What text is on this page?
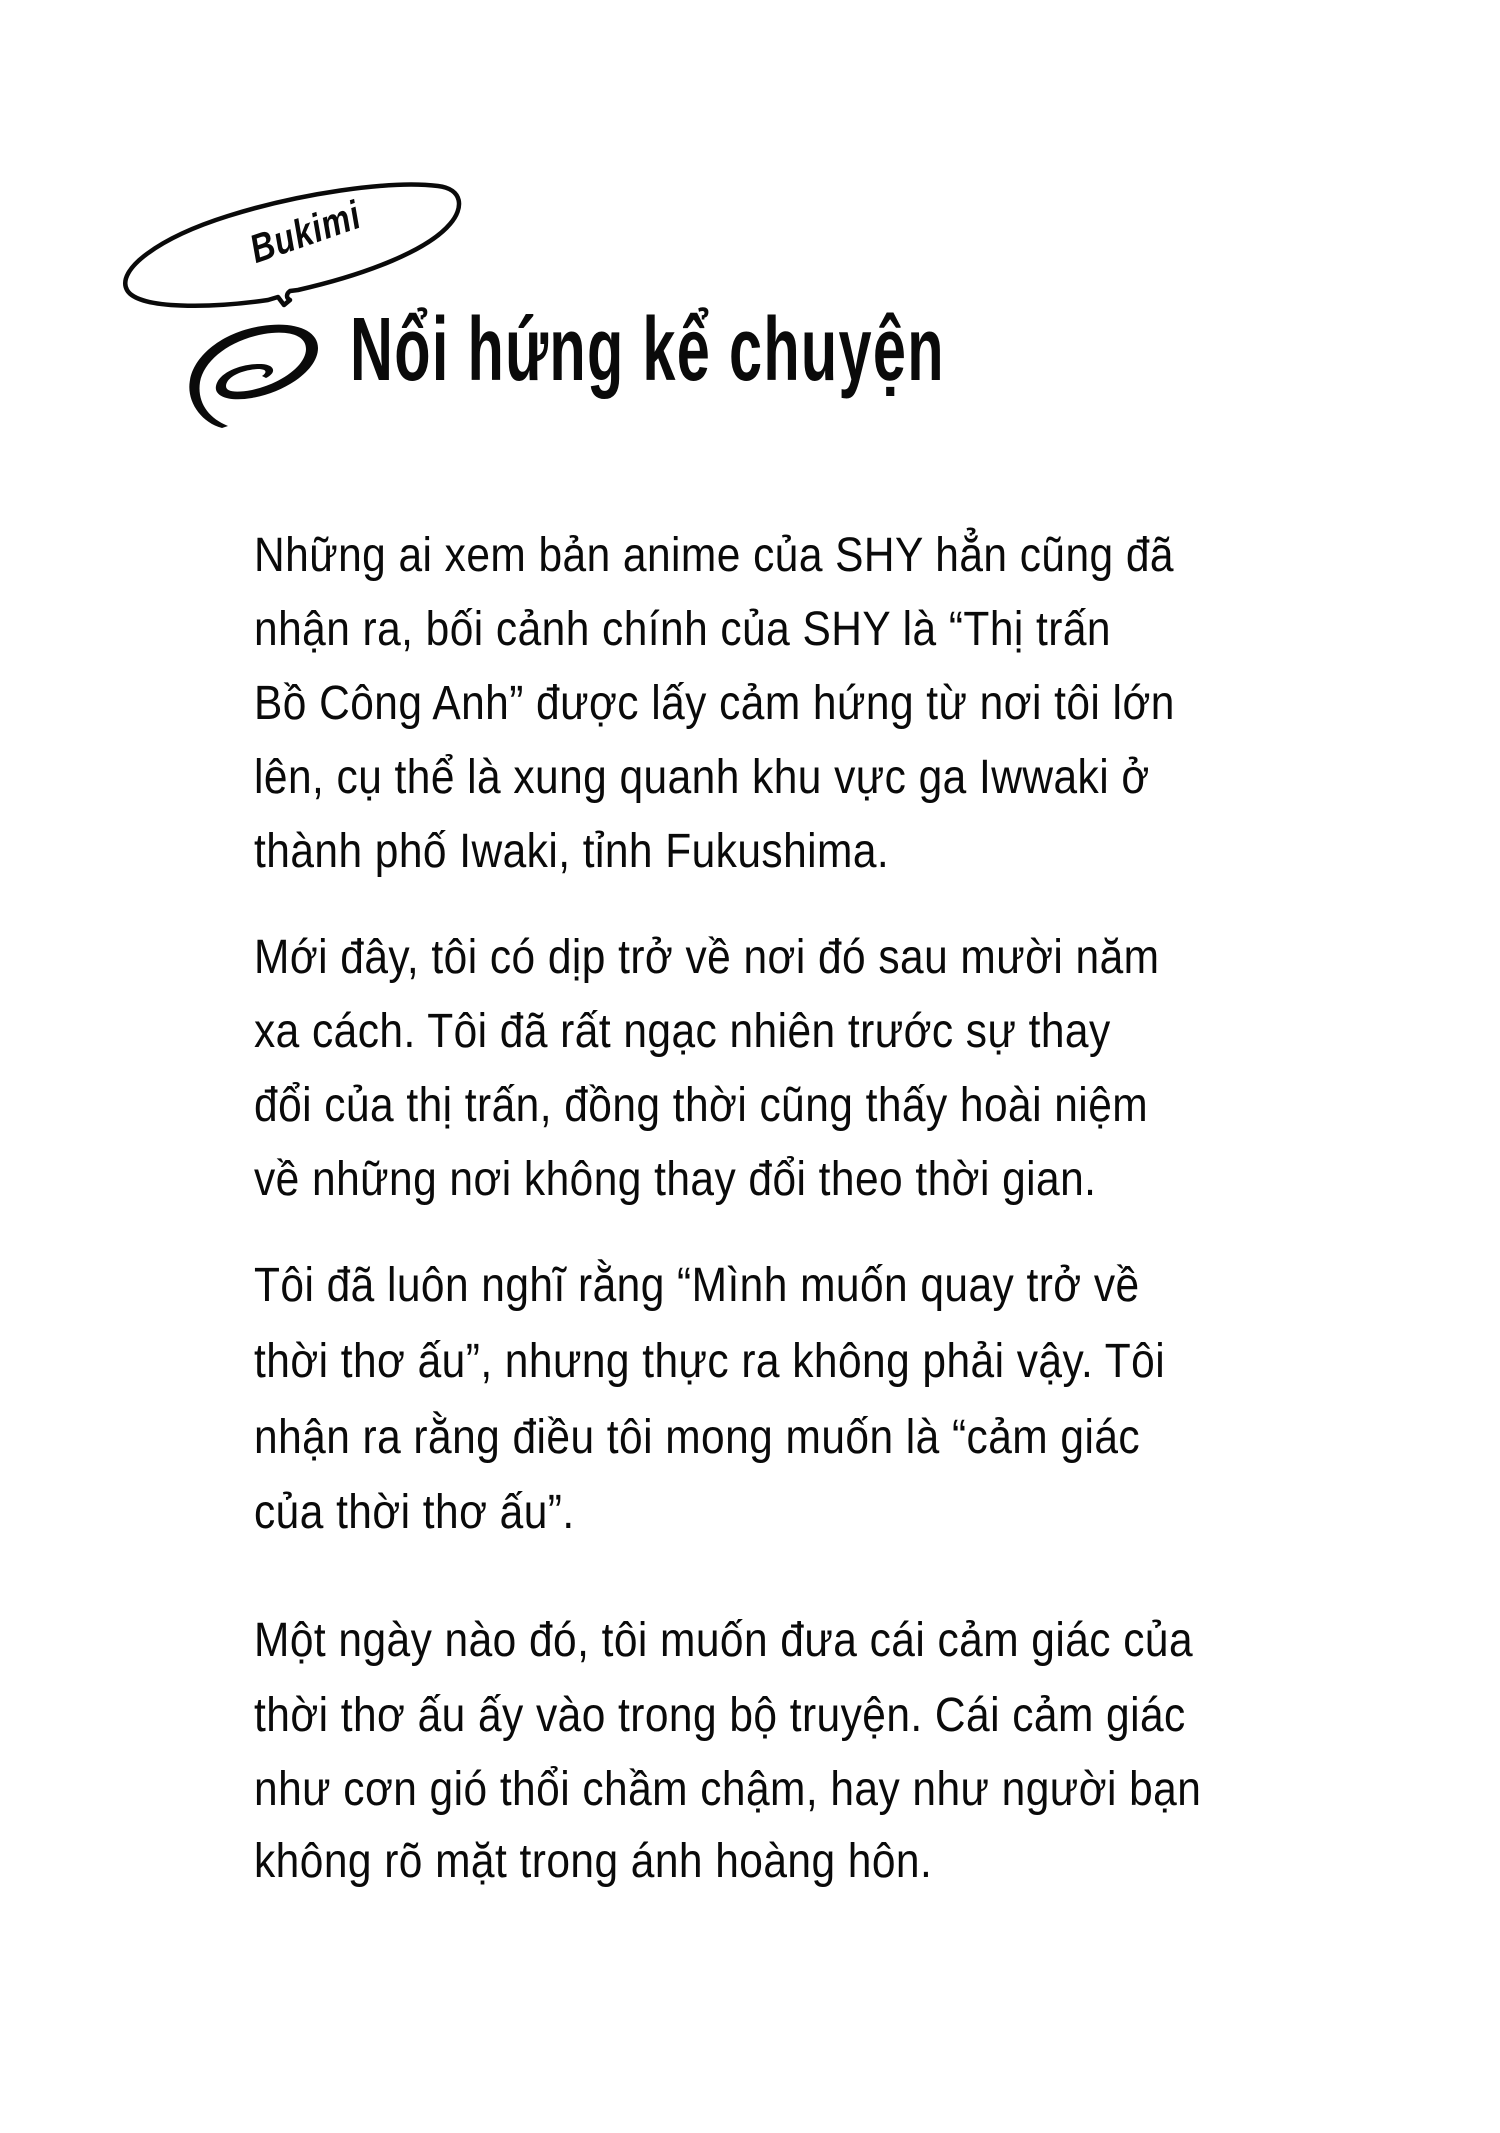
Bukimi
Nổi hứng kể chuyện
Những ai xem bản anime của SHY hẳn cũng đã
nhận ra, bối cảnh chính của SHY là “Thị trấn
Bồ Công Anh” được lấy cảm hứng từ nơi tôi lớn
lên, cụ thể là xung quanh khu vực ga Iwwaki ở
thành phố Iwaki, tỉnh Fukushima.
Mới đây, tôi có dịp trở về nơi đó sau mười năm
xa cách. Tôi đã rất ngạc nhiên trước sự thay
đổi của thị trấn, đồng thời cũng thấy hoài niệm
về những nơi không thay đổi theo thời gian.
Tôi đã luôn nghĩ rằng “Mình muốn quay trở về
thời thơ ấu”, nhưng thực ra không phải vậy. Tôi
nhận ra rằng điều tôi mong muốn là “cảm giác
của thời thơ ấu”.
Một ngày nào đó, tôi muốn đưa cái cảm giác của
thời thơ ấu ấy vào trong bộ truyện. Cái cảm giác
như cơn gió thổi chầm chậm, hay như người bạn
không rõ mặt trong ánh hoàng hôn.
